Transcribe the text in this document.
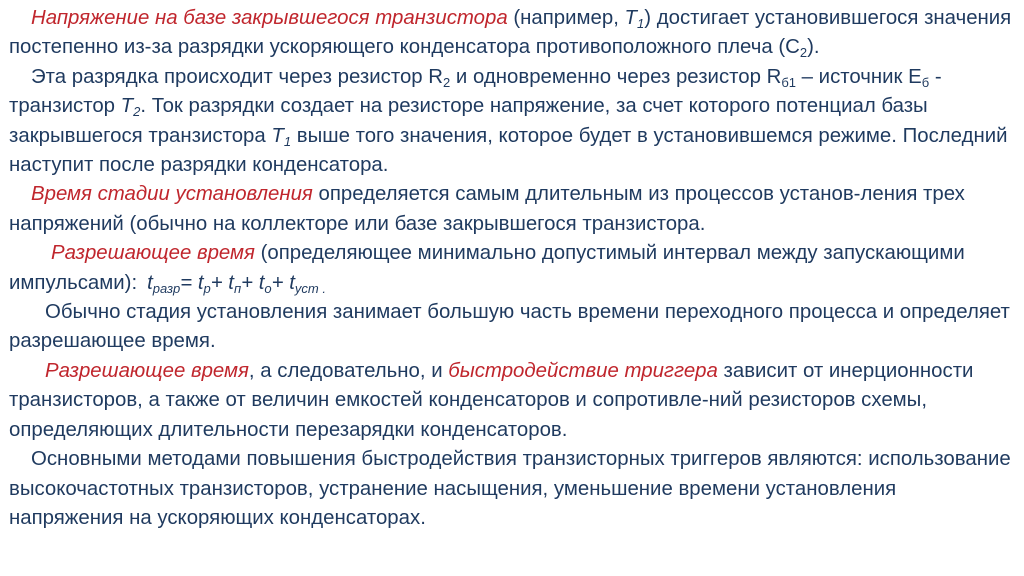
Напряжение на базе закрывшегося транзистора (например, $T_1$) достигает установившегося значения постепенно из-за разрядки ускоряющего конденсатора противоположного плеча $(C_2)$.

Эта разрядка происходит через резистор $R_2$ и одновременно через резистор $R_{б1}$ – источник $E_б$ - транзистор $T_2$. Ток разрядки создает на резисторе напряжение, за счет которого потенциал базы закрывшегося транзистора $T_1$ выше того значения, которое будет в установившемся режиме. Последний наступит после разрядки конденсатора.

Время стадии установления определяется самым длительным из процессов установ-ления трех напряжений (обычно на коллекторе или базе закрывшегося транзистора.

Разрешающее время (определяющее минимально допустимый интервал между запускающими импульсами): $t_{разр}= t_р+ t_п+ t_о+ t_{уст .}$

Обычно стадия установления занимает большую часть времени переходного процесса и определяет разрешающее время.

Разрешающее время, а следовательно, и быстродействие триггера зависит от инерционности транзисторов, а также от величин емкостей конденсаторов и сопротивле-ний резисторов схемы, определяющих длительности перезарядки конденсаторов.

Основными методами повышения быстродействия транзисторных триггеров являются: использование высокочастотных транзисторов, устранение насыщения, уменьшение времени установления напряжения на ускоряющих конденсаторах.
